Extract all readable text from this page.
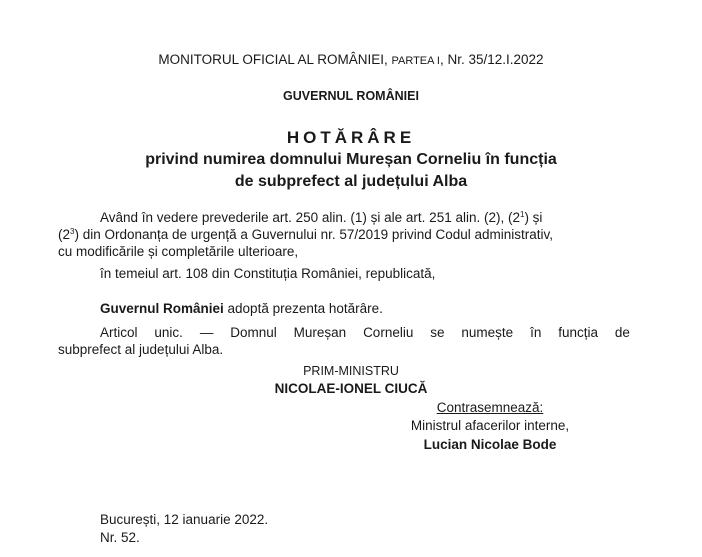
MONITORUL OFICIAL AL ROMÂNIEI, PARTEA I, Nr. 35/12.I.2022
GUVERNUL ROMÂNIEI
HOTĂRÂRE
privind numirea domnului Mureșan Corneliu în funcția
de subprefect al județului Alba
Având în vedere prevederile art. 250 alin. (1) și ale art. 251 alin. (2), $(2^1)$ și
$(2^3)$ din Ordonanța de urgență a Guvernului nr. 57/2019 privind Codul administrativ,
cu modificările și completările ulterioare,
în temeiul art. 108 din Constituția României, republicată,
Guvernul României adoptă prezenta hotărâre.
Articol unic. — Domnul Mureșan Corneliu se numește în funcția de
subprefect al județului Alba.
PRIM-MINISTRU
NICOLAE-IONEL CIUCĂ
Contrasemnează:
Ministrul afacerilor interne,
Lucian Nicolae Bode
București, 12 ianuarie 2022.
Nr. 52.
